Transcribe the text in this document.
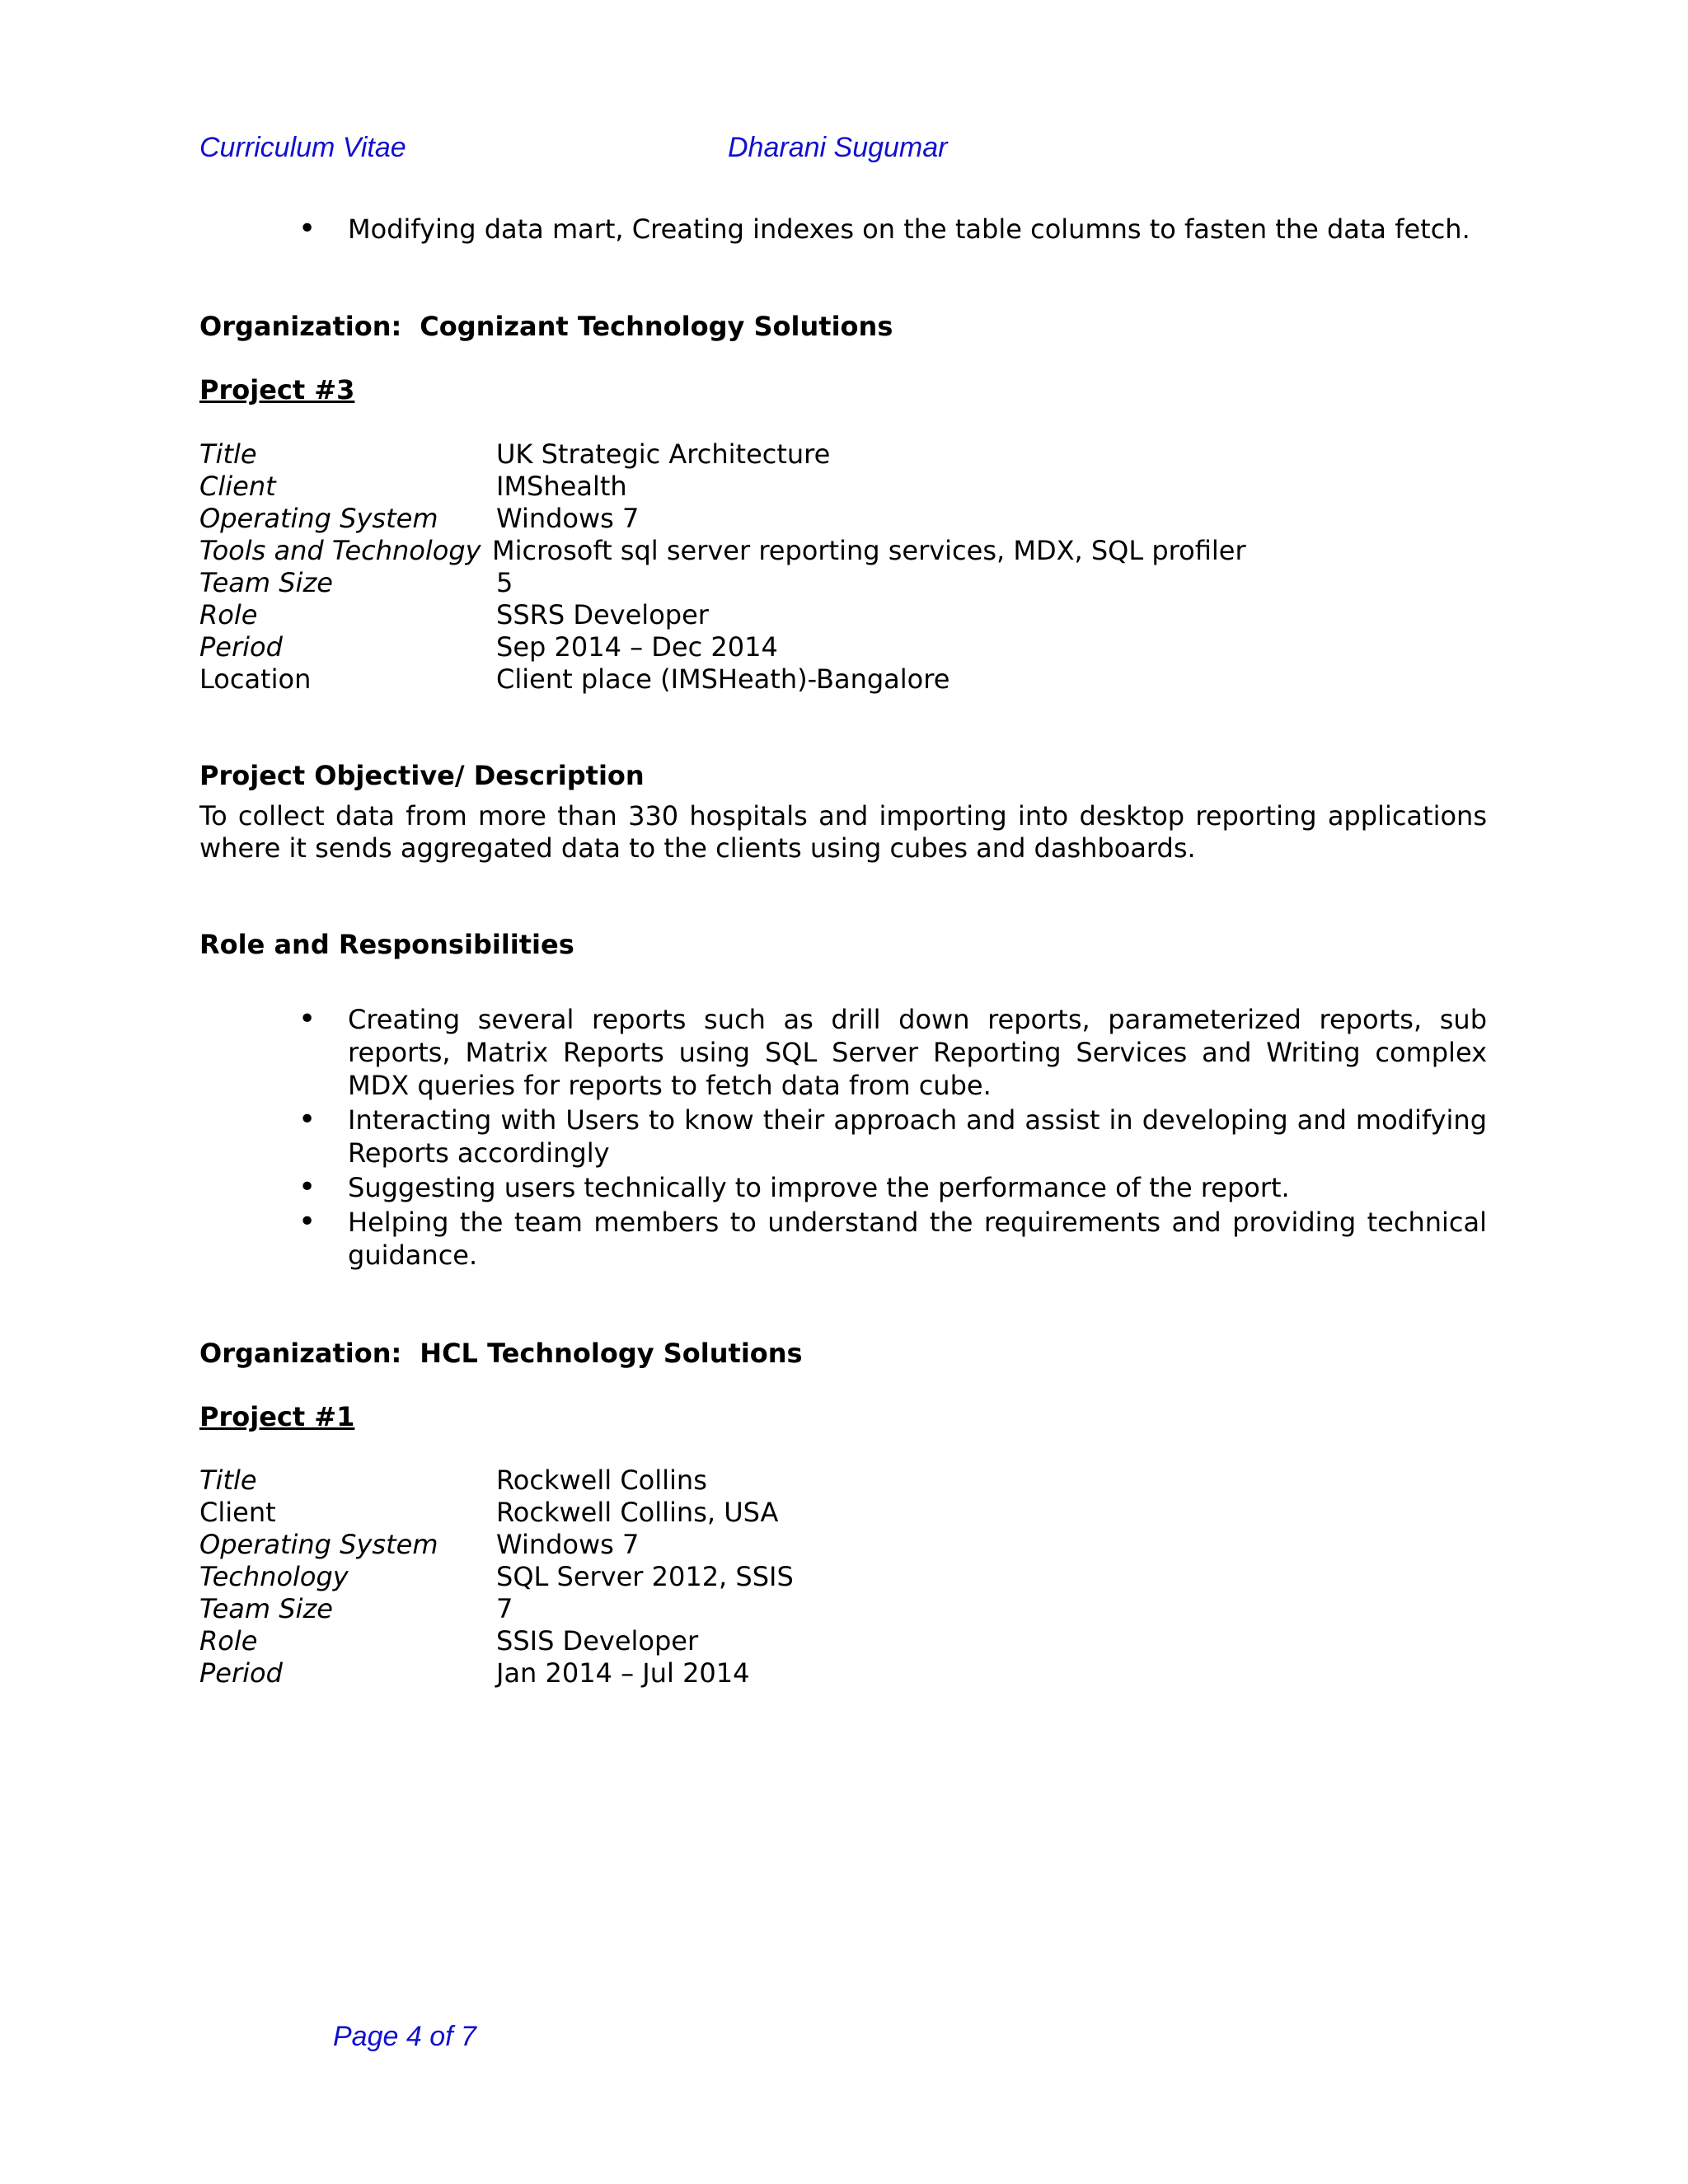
Curriculum Vitae	Dharani Sugumar
• Modifying data mart, Creating indexes on the table columns to fasten the data fetch.
Organization: Cognizant Technology Solutions
Project #3
Title	UK Strategic Architecture
Client	IMShealth
Operating System	Windows 7
Tools and Technology	Microsoft sql server reporting services, MDX, SQL profiler
Team Size	5
Role	SSRS Developer
Period	Sep 2014 – Dec 2014
Location	Client place (IMSHeath)-Bangalore
Project Objective/ Description
To collect data from more than 330 hospitals and importing into desktop reporting applications where it sends aggregated data to the clients using cubes and dashboards.
Role and Responsibilities
• Creating several reports such as drill down reports, parameterized reports, sub reports, Matrix Reports using SQL Server Reporting Services and Writing complex MDX queries for reports to fetch data from cube.
• Interacting with Users to know their approach and assist in developing and modifying Reports accordingly
• Suggesting users technically to improve the performance of the report.
• Helping the team members to understand the requirements and providing technical guidance.
Organization: HCL Technology Solutions
Project #1
Title	Rockwell Collins
Client	Rockwell Collins, USA
Operating System	Windows 7
Technology	SQL Server 2012, SSIS
Team Size	7
Role	SSIS Developer
Period	Jan 2014 – Jul 2014
Page 4 of 7
